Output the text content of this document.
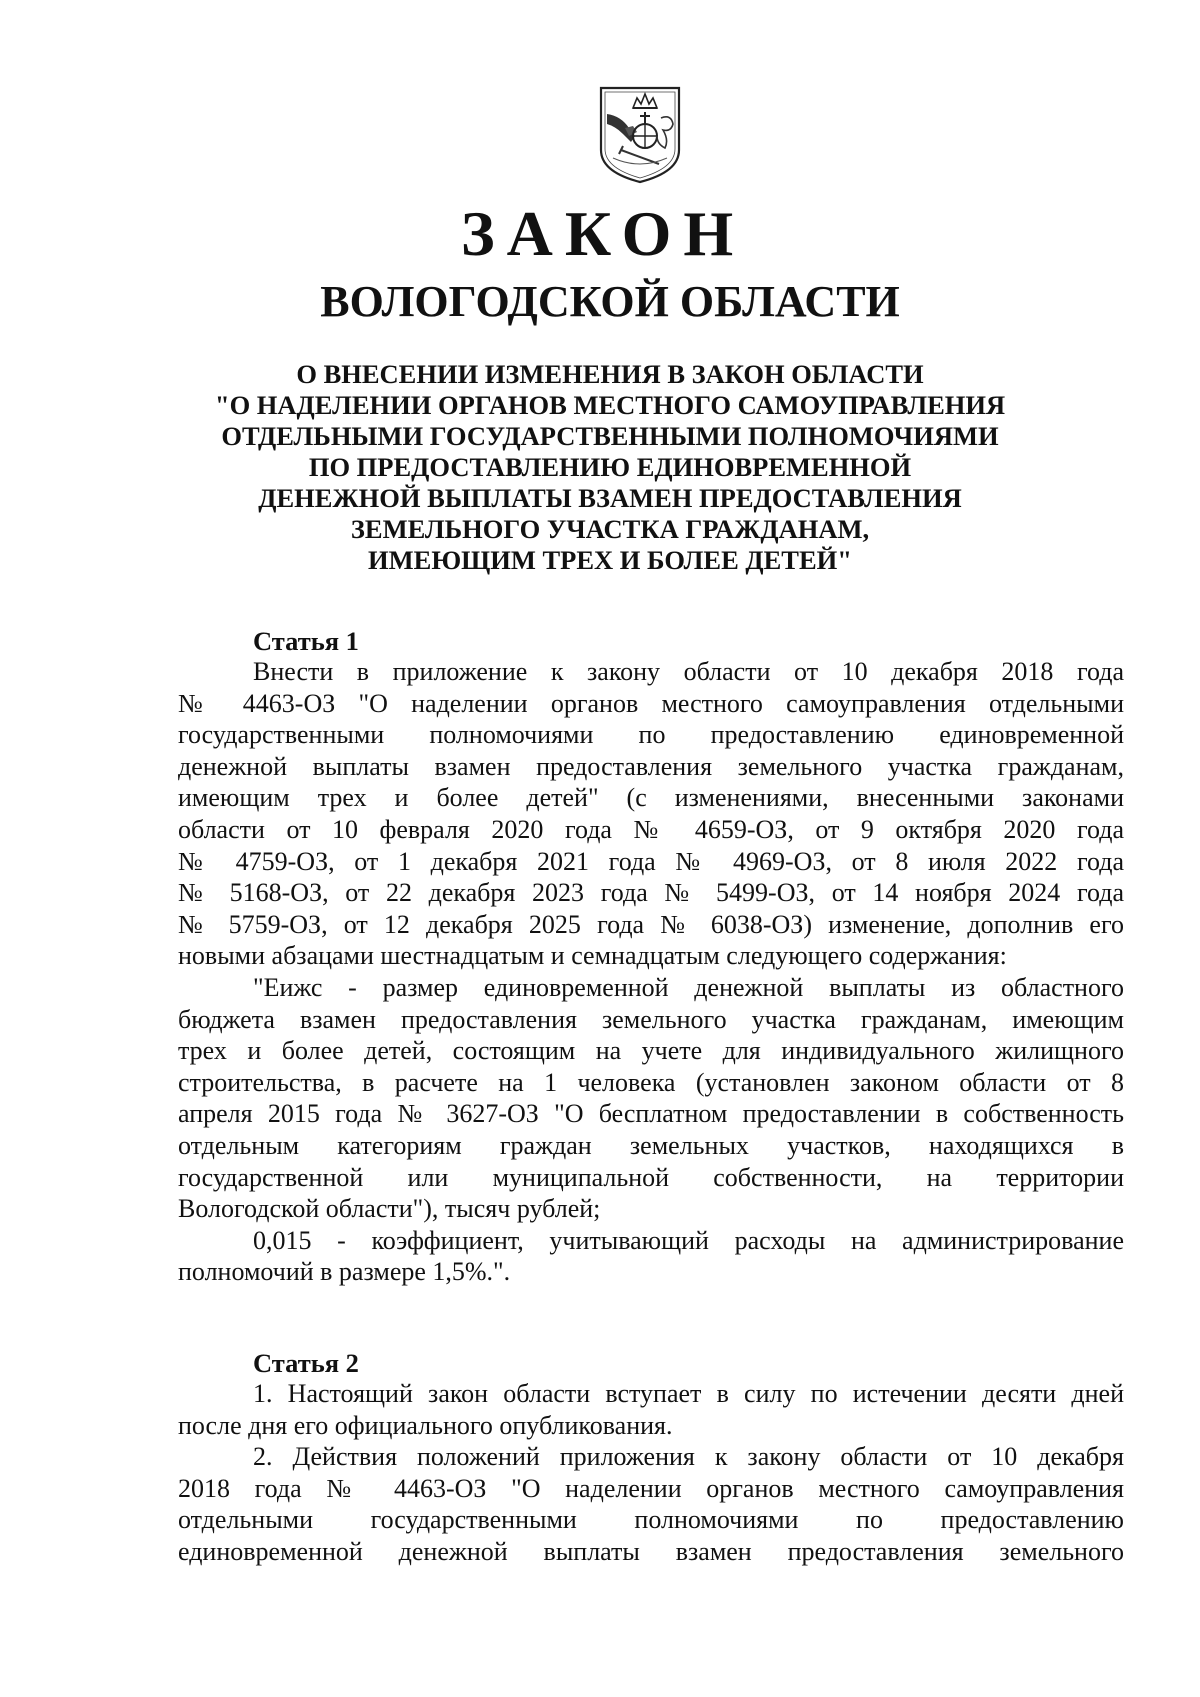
ЗАКОН
ВОЛОГОДСКОЙ ОБЛАСТИ
О ВНЕСЕНИИ ИЗМЕНЕНИЯ В ЗАКОН ОБЛАСТИ
"О НАДЕЛЕНИИ ОРГАНОВ МЕСТНОГО САМОУПРАВЛЕНИЯ
ОТДЕЛЬНЫМИ ГОСУДАРСТВЕННЫМИ ПОЛНОМОЧИЯМИ
ПО ПРЕДОСТАВЛЕНИЮ ЕДИНОВРЕМЕННОЙ
ДЕНЕЖНОЙ ВЫПЛАТЫ ВЗАМЕН ПРЕДОСТАВЛЕНИЯ
ЗЕМЕЛЬНОГО УЧАСТКА ГРАЖДАНАМ,
ИМЕЮЩИМ ТРЕХ И БОЛЕЕ ДЕТЕЙ"
Статья 1

Внести в приложение к закону области от 10 декабря 2018 года

№ 4463-ОЗ "О наделении органов местного самоуправления отдельными

государственными полномочиями по предоставлению единовременной

денежной выплаты взамен предоставления земельного участка гражданам,

имеющим трех и более детей" (с изменениями, внесенными законами

области от 10 февраля 2020 года № 4659-ОЗ, от 9 октября 2020 года

№ 4759-ОЗ, от 1 декабря 2021 года № 4969-ОЗ, от 8 июля 2022 года

№ 5168-ОЗ, от 22 декабря 2023 года № 5499-ОЗ, от 14 ноября 2024 года

№ 5759-ОЗ, от 12 декабря 2025 года № 6038-ОЗ) изменение, дополнив его

новыми абзацами шестнадцатым и семнадцатым следующего содержания:

"Еижс - размер единовременной денежной выплаты из областного

бюджета взамен предоставления земельного участка гражданам, имеющим

трех и более детей, состоящим на учете для индивидуального жилищного

строительства, в расчете на 1 человека (установлен законом области от 8

апреля 2015 года № 3627-ОЗ "О бесплатном предоставлении в собственность

отдельным категориям граждан земельных участков, находящихся в

государственной или муниципальной собственности, на территории

Вологодской области"), тысяч рублей;

0,015 - коэффициент, учитывающий расходы на администрирование

полномочий в размере 1,5%.".

Статья 2

1. Настоящий закон области вступает в силу по истечении десяти дней

после дня его официального опубликования.

2. Действия положений приложения к закону области от 10 декабря

2018 года № 4463-ОЗ "О наделении органов местного самоуправления

отдельными государственными полномочиями по предоставлению

единовременной денежной выплаты взамен предоставления земельного
